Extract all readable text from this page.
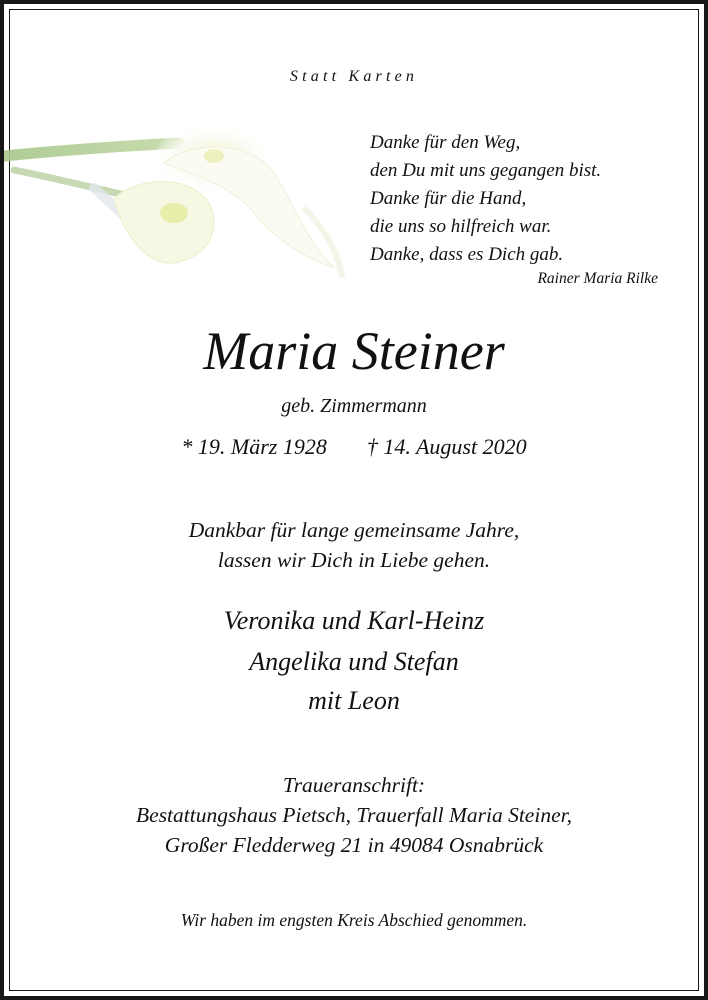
Statt Karten
Danke für den Weg,
den Du mit uns gegangen bist.
Danke für die Hand,
die uns so hilfreich war.
Danke, dass es Dich gab.
Rainer Maria Rilke
Maria Steiner
geb. Zimmermann
* 19. März 1928 † 14. August 2020
Dankbar für lange gemeinsame Jahre,
lassen wir Dich in Liebe gehen.
Veronika und Karl-Heinz
Angelika und Stefan
mit Leon
Traueranschrift:
Bestattungshaus Pietsch, Trauerfall Maria Steiner,
Großer Fledderweg 21 in 49084 Osnabrück
Wir haben im engsten Kreis Abschied genommen.
